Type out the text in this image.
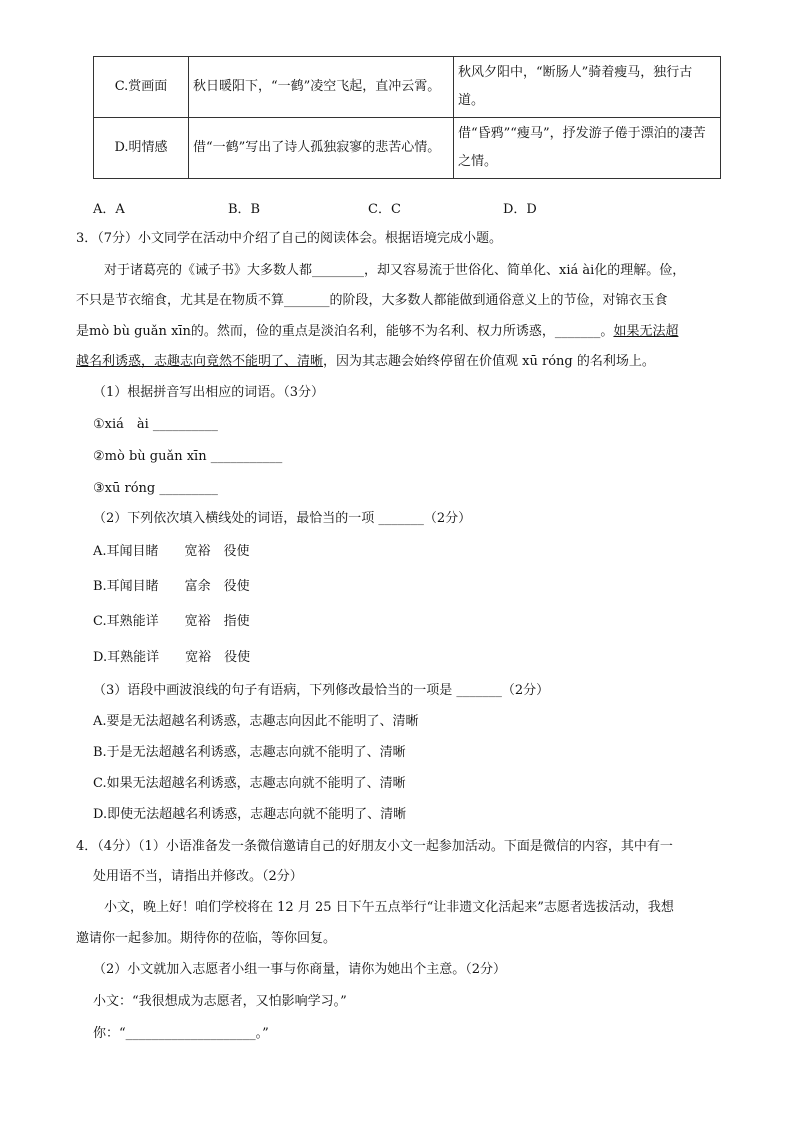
C.赏画面	秋日暖阳下，“一鹤”凌空飞起，直冲云霄。	秋风夕阳中，“断肠人”骑着瘦马，独行古道。
D.明情感	借“一鹤”写出了诗人孤独寂寥的悲苦心情。	借“昏鸦”“瘦马”，抒发游子倦于漂泊的凄苦之情。
A．A	B．B	C．C	D．D
3．（7分）小文同学在活动中介绍了自己的阅读体会。根据语境完成小题。
对于诸葛亮的《诫子书》大多数人都________，却又容易流于世俗化、简单化、xiá ài化的理解。俭，
不只是节衣缩食，尤其是在物质不算_______的阶段，大多数人都能做到通俗意义上的节俭，对锦衣玉食
是mò bù guǎn xīn的。然而，俭的重点是淡泊名利，能够不为名利、权力所诱惑，_______。如果无法超
越名利诱惑，志趣志向竟然不能明了、清晰，因为其志趣会始终停留在价值观 xū róng 的名利场上。
（1）根据拼音写出相应的词语。（3分）
①xiá　ài __________
②mò bù guǎn xīn ___________
③xū róng _________
（2）下列依次填入横线处的词语，最恰当的一项 _______（2分）
A.耳闻目睹　　宽裕　役使
B.耳闻目睹　　富余　役使
C.耳熟能详　　宽裕　指使
D.耳熟能详　　宽裕　役使
（3）语段中画波浪线的句子有语病，下列修改最恰当的一项是 _______（2分）
A.要是无法超越名利诱惑，志趣志向因此不能明了、清晰
B.于是无法超越名利诱惑，志趣志向就不能明了、清晰
C.如果无法超越名利诱惑，志趣志向就不能明了、清晰
D.即使无法超越名利诱惑，志趣志向就不能明了、清晰
4．（4分）（1）小语准备发一条微信邀请自己的好朋友小文一起参加活动。下面是微信的内容，其中有一
处用语不当，请指出并修改。（2分）
小文，晚上好！咱们学校将在 12 月 25 日下午五点举行“让非遗文化活起来”志愿者选拔活动，我想
邀请你一起参加。期待你的莅临，等你回复。
（2）小文就加入志愿者小组一事与你商量，请你为她出个主意。（2分）
小文：“我很想成为志愿者，又怕影响学习。”
你：“____________________。”
